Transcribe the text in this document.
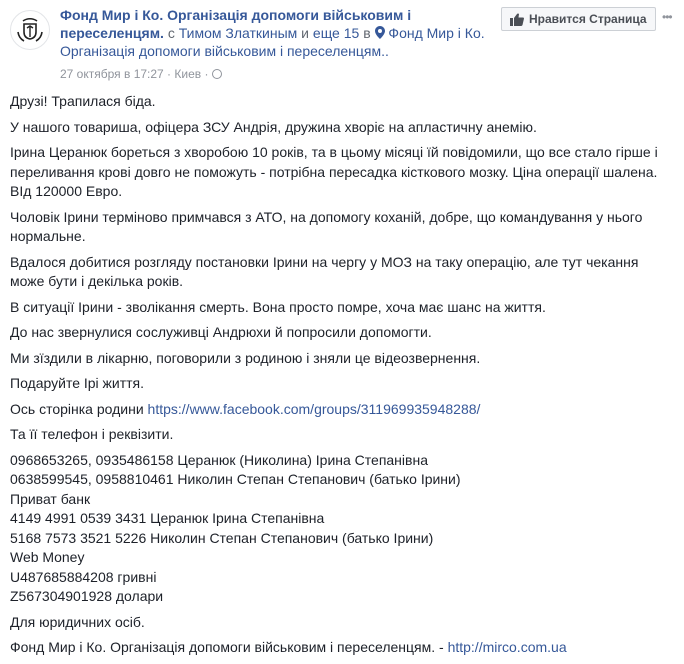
Фонд Мир і Ко. Організація допомоги військовим і переселенцям. с Тимом Златкиным и еще 15 в  Фонд Мир і Ко. Організація допомоги військовим і переселенцям..
27 октября в 17:27 · Киев ·
Нравится Страница •••

Друзі! Трапилася біда.

У нашого товариша, офіцера ЗСУ Андрія, дружина хворіє на апластичну анемію.

Ірина Церанюк бореться з хворобою 10 років, та в цьому місяці їй повідомили, що все стало гірше і переливання крові довго не поможуть - потрібна пересадка кісткового мозку. Ціна операції шалена. ВІд 120000 Евро.

Чоловік Ірини терміново примчався з АТО, на допомогу коханій, добре, що командування у нього нормальне.

Вдалося добитися розгляду постановки Ірини на чергу у МОЗ на таку операцію, але тут чекання може бути і декілька років.

В ситуації Ірини - зволікання смерть. Вона просто помре, хоча має шанс на життя.

До нас звернулися сослуживці Андрюхи й попросили допомогти.

Ми зїздили в лікарню, поговорили з родиною і зняли це відеозвернення.

Подаруйте Ірі життя.

Ось сторінка родини https://www.facebook.com/groups/311969935948288/

Та її телефон і реквізити.

0968653265, 0935486158 Церанюк (Николина) Ірина Степанівна
0638599545, 0958810461 Николин Степан Степанович (батько Ірини)
Приват банк
4149 4991 0539 3431 Церанюк Ірина Степанівна
5168 7573 3521 5226 Николин Степан Степанович (батько Ірини)
Web Money
U487685884208 гривні
Z567304901928 долари

Для юридичних осіб.

Фонд Мир і Ко. Організація допомоги військовим і переселенцям. - http://mirco.com.ua
